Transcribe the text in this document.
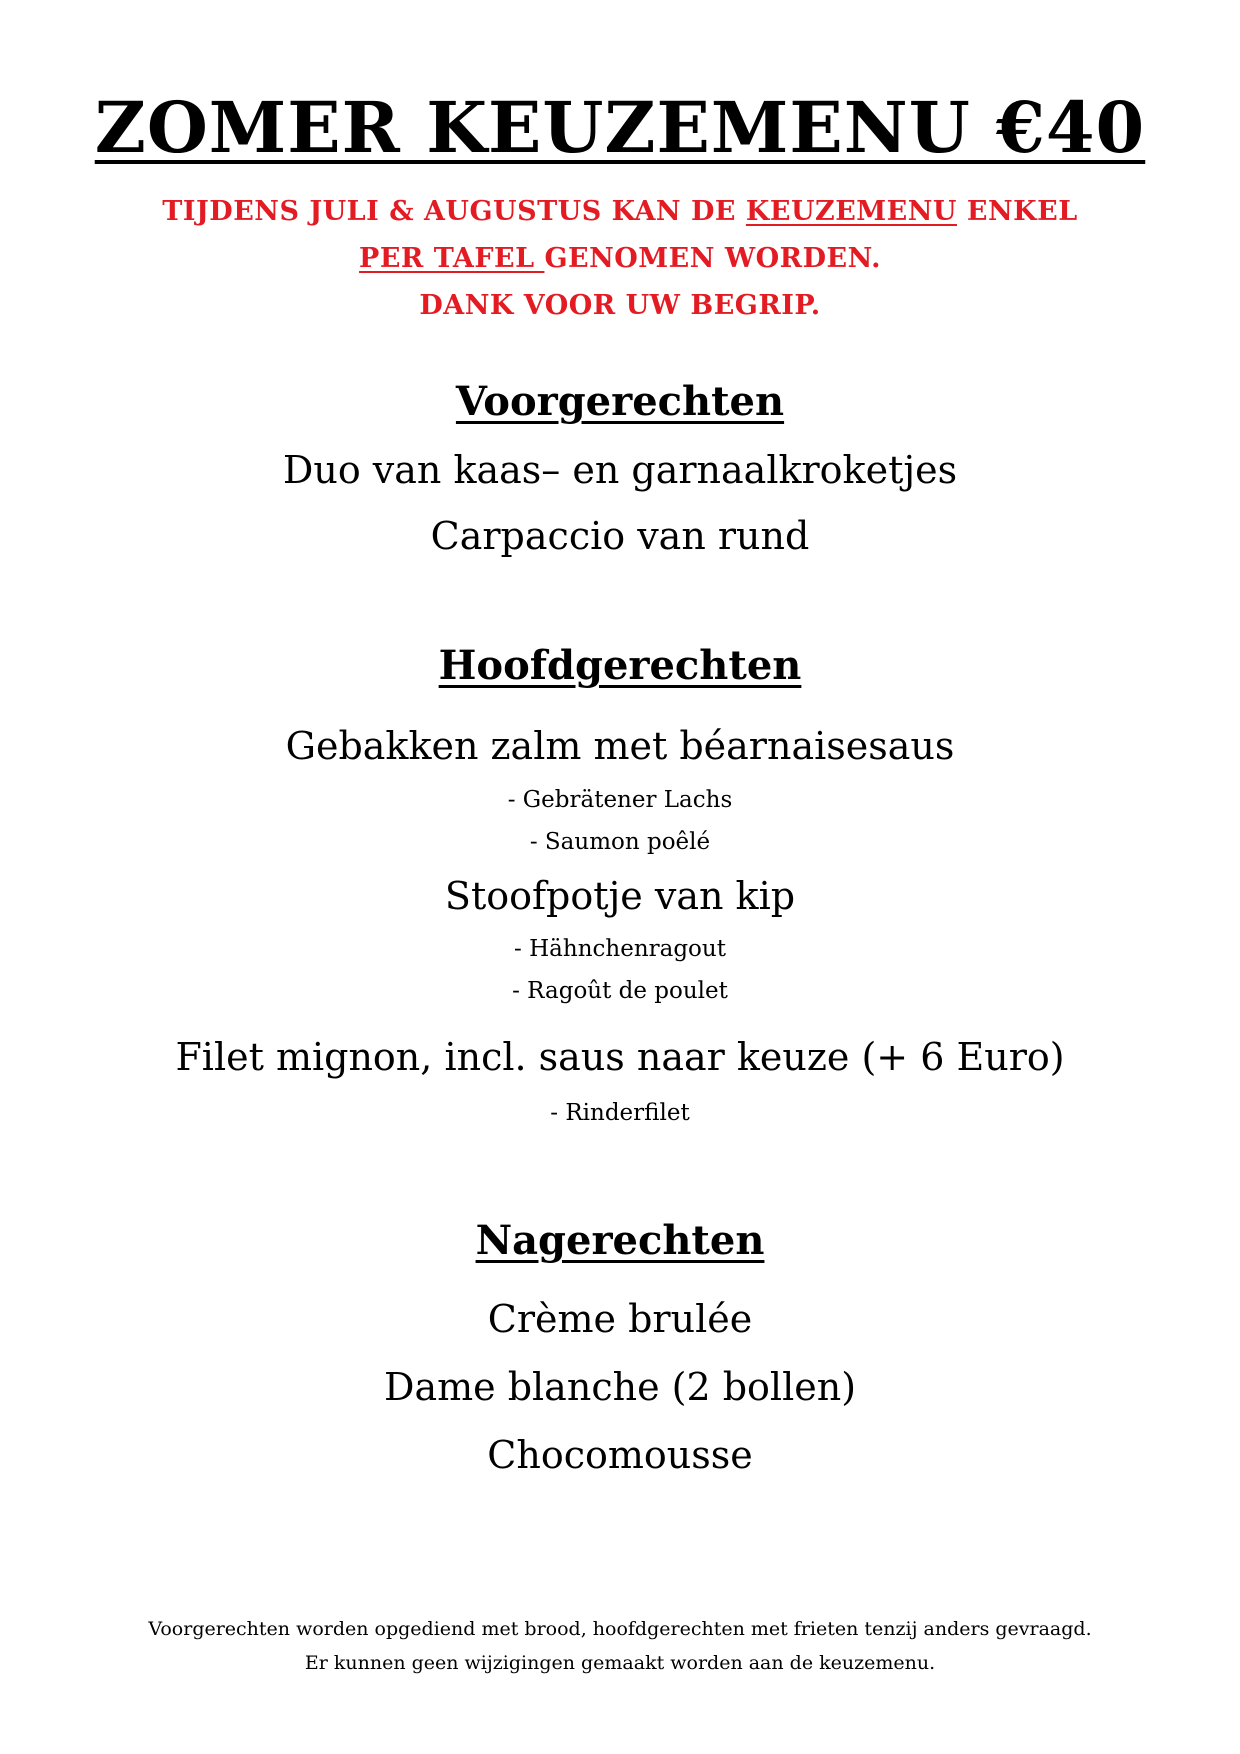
ZOMER KEUZEMENU €40
TIJDENS JULI & AUGUSTUS KAN DE KEUZEMENU ENKEL
PER TAFEL GENOMEN WORDEN.
DANK VOOR UW BEGRIP.
Voorgerechten

Duo van kaas– en garnaalkroketjes

Carpaccio van rund

Hoofdgerechten

Gebakken zalm met béarnaisesaus

- Gebrätener Lachs

- Saumon poêlé

Stoofpotje van kip

- Hähnchenragout

- Ragoût de poulet

Filet mignon, incl. saus naar keuze (+ 6 Euro)

- Rinderfilet

Nagerechten

Crème brulée

Dame blanche (2 bollen)

Chocomousse

Voorgerechten worden opgediend met brood, hoofdgerechten met frieten tenzij anders gevraagd.
Er kunnen geen wijzigingen gemaakt worden aan de keuzemenu.
